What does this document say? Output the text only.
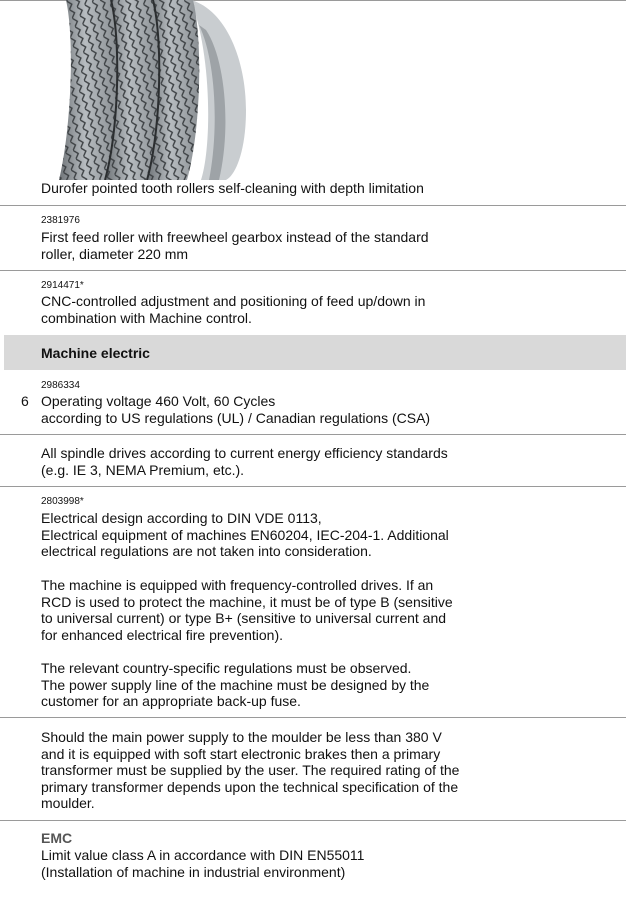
Durofer pointed tooth rollers self-cleaning with depth limitation
2381976
First feed roller with freewheel gearbox instead of the standard
roller, diameter 220 mm
2914471*
CNC-controlled adjustment and positioning of feed up/down in
combination with Machine control.
Machine electric
2986334
6 Operating voltage 460 Volt, 60 Cycles
according to US regulations (UL) / Canadian regulations (CSA)
All spindle drives according to current energy efficiency standards
(e.g. IE 3, NEMA Premium, etc.).
2803998*
Electrical design according to DIN VDE 0113,
Electrical equipment of machines EN60204, IEC-204-1. Additional
electrical regulations are not taken into consideration.
The machine is equipped with frequency-controlled drives. If an
RCD is used to protect the machine, it must be of type B (sensitive
to universal current) or type B+ (sensitive to universal current and
for enhanced electrical fire prevention).
The relevant country-specific regulations must be observed.
The power supply line of the machine must be designed by the
customer for an appropriate back-up fuse.
Should the main power supply to the moulder be less than 380 V
and it is equipped with soft start electronic brakes then a primary
transformer must be supplied by the user. The required rating of the
primary transformer depends upon the technical specification of the
moulder.
EMC
Limit value class A in accordance with DIN EN55011
(Installation of machine in industrial environment)
